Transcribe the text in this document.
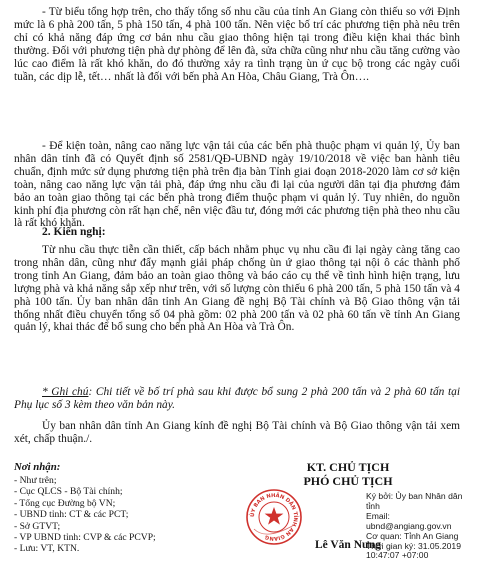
- Từ biểu tổng hợp trên, cho thấy tổng số nhu cầu của tỉnh An Giang còn thiếu so với Định mức là 6 phà 200 tấn, 5 phà 150 tấn, 4 phà 100 tấn. Nên việc bố trí các phương tiện phà nêu trên chỉ có khả năng đáp ứng cơ bản nhu cầu giao thông hiện tại trong điều kiện khai thác bình thường. Đối với phương tiện phà dự phòng để lên đà, sửa chữa cũng như nhu cầu tăng cường vào lúc cao điểm là rất khó khăn, do đó thường xảy ra tình trạng ùn ứ cục bộ trong các ngày cuối tuần, các dịp lễ, tết… nhất là đối với bến phà An Hòa, Châu Giang, Trà Ôn….

- Để kiện toàn, nâng cao năng lực vận tải của các bến phà thuộc phạm vi quản lý, Ủy ban nhân dân tỉnh đã có Quyết định số 2581/QĐ-UBND ngày 19/10/2018 về việc ban hành tiêu chuẩn, định mức sử dụng phương tiện phà trên địa bàn Tỉnh giai đoạn 2018-2020 làm cơ sở kiện toàn, nâng cao năng lực vận tải phà, đáp ứng nhu cầu đi lại của người dân tại địa phương đảm bảo an toàn giao thông tại các bến phà trong điểm thuộc phạm vi quản lý. Tuy nhiên, do nguồn kinh phí địa phương còn rất hạn chế, nên việc đầu tư, đóng mới các phương tiện phà theo nhu cầu là rất khó khăn.

2. Kiến nghị:

Từ nhu cầu thực tiễn cần thiết, cấp bách nhằm phục vụ nhu cầu đi lại ngày càng tăng cao trong nhân dân, cũng như đẩy mạnh giải pháp chống ùn ứ giao thông tại nội ô các thành phố trong tỉnh An Giang, đảm bảo an toàn giao thông và báo cáo cụ thể về tình hình hiện trạng, lưu lượng phà và khả năng sắp xếp như trên, với số lượng còn thiếu 6 phà 200 tấn, 5 phà 150 tấn và 4 phà 100 tấn. Ủy ban nhân dân tỉnh An Giang đề nghị Bộ Tài chính và Bộ Giao thông vận tải thống nhất điều chuyển tổng số 04 phà gồm: 02 phà 200 tấn và 02 phà 60 tấn về tỉnh An Giang quản lý, khai thác để bổ sung cho bến phà An Hòa và Trà Ôn.

* Ghi chú: Chi tiết về bố trí phà sau khi được bổ sung 2 phà 200 tấn và 2 phà 60 tấn tại Phụ lục số 3 kèm theo văn bản này.

Ủy ban nhân dân tỉnh An Giang kính đề nghị Bộ Tài chính và Bộ Giao thông vận tải xem xét, chấp thuận./.

Nơi nhận:
- Như trên;
- Cục QLCS - Bộ Tài chính;
- Tổng cục Đường bộ VN;
- UBND tỉnh: CT & các PCT;
- Sở GTVT;
- VP UBND tỉnh: CVP & các PCVP;
- Lưu: VT, KTN.
KT. CHỦ TỊCH
PHÓ CHỦ TỊCH
ỦY BAN NHÂN DÂN TỈNH AN GIANG
Ký bởi: Ủy ban Nhân dân
tỉnh
Email:
ubnd@angiang.gov.vn
Cơ quan: Tỉnh An Giang
Thời gian ký: 31.05.2019
10:47:07 +07:00
Lê Văn Nưng
